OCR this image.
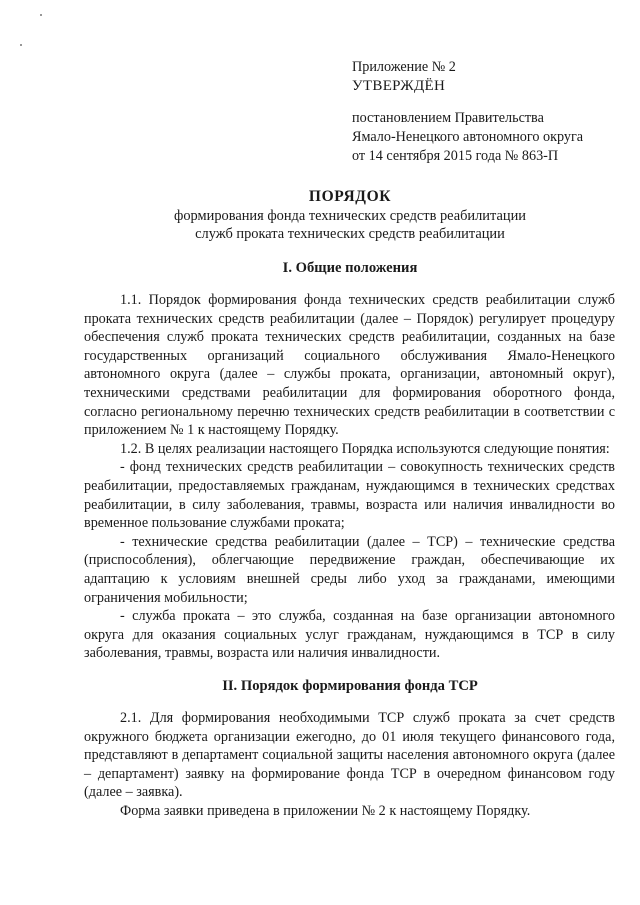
Приложение № 2
УТВЕРЖДЁН
постановлением Правительства
Ямало-Ненецкого автономного округа
от 14 сентября 2015 года № 863-П
ПОРЯДОК
формирования фонда технических средств реабилитации
служб проката технических средств реабилитации
I. Общие положения

1.1. Порядок формирования фонда технических средств реабилитации служб проката технических средств реабилитации (далее – Порядок) регулирует процедуру обеспечения служб проката технических средств реабилитации, созданных на базе государственных организаций социального обслуживания Ямало-Ненецкого автономного округа (далее – службы проката, организации, автономный округ), техническими средствами реабилитации для формирования оборотного фонда, согласно региональному перечню технических средств реабилитации в соответствии с приложением № 1 к настоящему Порядку.

1.2. В целях реализации настоящего Порядка используются следующие понятия:

- фонд технических средств реабилитации – совокупность технических средств реабилитации, предоставляемых гражданам, нуждающимся в технических средствах реабилитации, в силу заболевания, травмы, возраста или наличия инвалидности во временное пользование службами проката;

- технические средства реабилитации (далее – ТСР) – технические средства (приспособления), облегчающие передвижение граждан, обеспечивающие их адаптацию к условиям внешней среды либо уход за гражданами, имеющими ограничения мобильности;

- служба проката – это служба, созданная на базе организации автономного округа для оказания социальных услуг гражданам, нуждающимся в ТСР в силу заболевания, травмы, возраста или наличия инвалидности.

II. Порядок формирования фонда ТСР

2.1. Для формирования необходимыми ТСР служб проката за счет средств окружного бюджета организации ежегодно, до 01 июля текущего финансового года, представляют в департамент социальной защиты населения автономного округа (далее – департамент) заявку на формирование фонда ТСР в очередном финансовом году (далее – заявка).

Форма заявки приведена в приложении № 2 к настоящему Порядку.
